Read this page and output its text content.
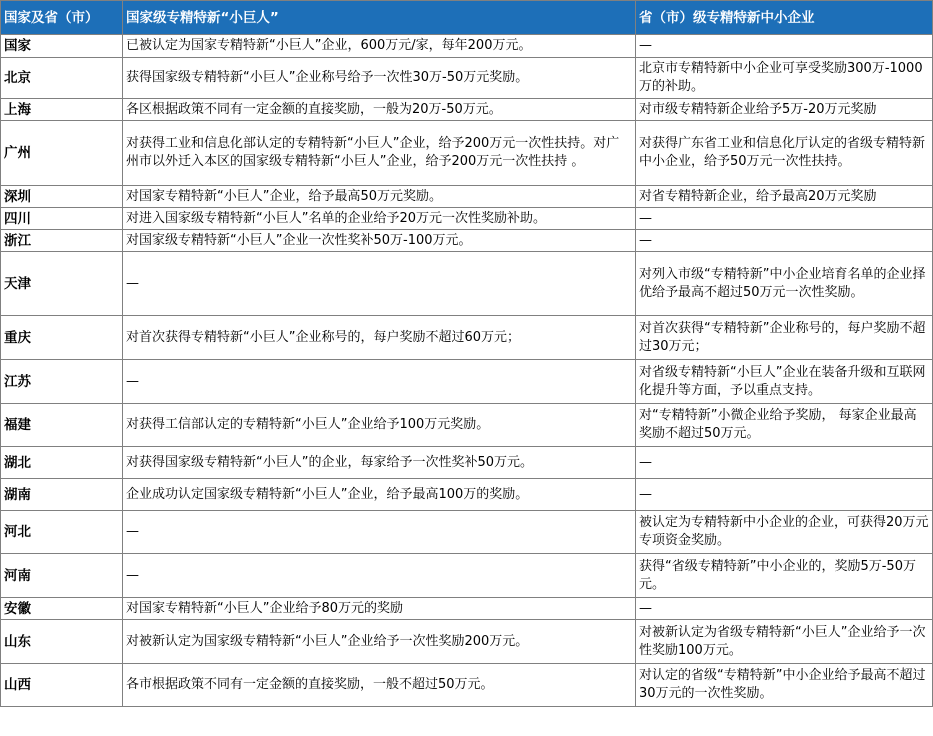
国家及省（市）	国家级专精特新“小巨人”	省（市）级专精特新中小企业
国家	已被认定为国家专精特新“小巨人”企业，600万元/家，每年200万元。	—
北京	获得国家级专精特新“小巨人”企业称号给予一次性30万-50万元奖励。	北京市专精特新中小企业可享受奖励300万-1000万的补助。
上海	各区根据政策不同有一定金额的直接奖励，一般为20万-50万元。	对市级专精特新企业给予5万-20万元奖励
广州	对获得工业和信息化部认定的专精特新“小巨人”企业，给予200万元一次性扶持。对广州市以外迁入本区的国家级专精特新“小巨人”企业，给予200万元一次性扶持 。	对获得广东省工业和信息化厅认定的省级专精特新中小企业，给予50万元一次性扶持。
深圳	对国家专精特新“小巨人”企业，给予最高50万元奖励。	对省专精特新企业，给予最高20万元奖励
四川	对进入国家级专精特新“小巨人”名单的企业给予20万元一次性奖励补助。	—
浙江	对国家级专精特新“小巨人”企业一次性奖补50万-100万元。	—
天津	—	对列入市级“专精特新”中小企业培育名单的企业择优给予最高不超过50万元一次性奖励。
重庆	对首次获得专精特新“小巨人”企业称号的，每户奖励不超过60万元；	对首次获得“专精特新”企业称号的，每户奖励不超过30万元；
江苏	—	对省级专精特新“小巨人”企业在装备升级和互联网化提升等方面，予以重点支持。
福建	对获得工信部认定的专精特新“小巨人”企业给予100万元奖励。	对“专精特新”小微企业给予奖励， 每家企业最高奖励不超过50万元。
湖北	对获得国家级专精特新“小巨人”的企业，每家给予一次性奖补50万元。	—
湖南	企业成功认定国家级专精特新“小巨人”企业，给予最高100万的奖励。	—
河北	—	被认定为专精特新中小企业的企业，可获得20万元专项资金奖励。
河南	—	获得“省级专精特新”中小企业的，奖励5万-50万元。
安徽	对国家专精特新“小巨人”企业给予80万元的奖励	—
山东	对被新认定为国家级专精特新“小巨人”企业给予一次性奖励200万元。	对被新认定为省级专精特新“小巨人”企业给予一次性奖励100万元。
山西	各市根据政策不同有一定金额的直接奖励，一般不超过50万元。	对认定的省级“专精特新”中小企业给予最高不超过30万元的一次性奖励。
